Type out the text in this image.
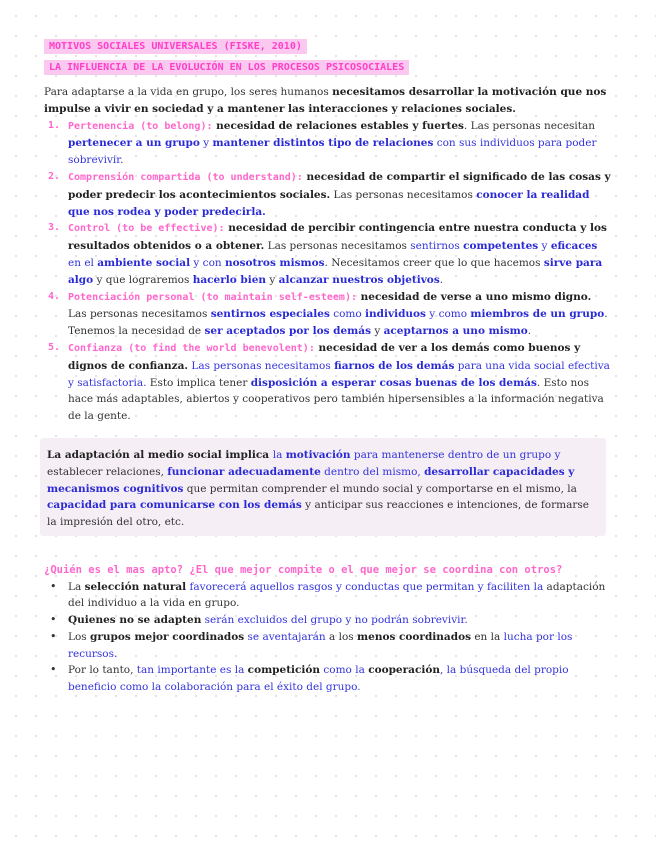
MOTIVOS SOCIALES UNIVERSALES (FISKE, 2010)
LA INFLUENCIA DE LA EVOLUCIÓN EN LOS PROCESOS PSICOSOCIALES

Para adaptarse a la vida en grupo, los seres humanos necesitamos desarrollar la motivación que nos impulse a vivir en sociedad y a mantener las interacciones y relaciones sociales.

1. Pertenencia (to belong): necesidad de relaciones estables y fuertes. Las personas necesitan pertenecer a un grupo y mantener distintos tipo de relaciones con sus individuos para poder sobrevivir.
2. Comprensión compartida (to understand): necesidad de compartir el significado de las cosas y poder predecir los acontecimientos sociales. Las personas necesitamos conocer la realidad que nos rodea y poder predecirla.
3. Control (to be effective): necesidad de percibir contingencia entre nuestra conducta y los resultados obtenidos o a obtener. Las personas necesitamos sentirnos competentes y eficaces en el ambiente social y con nosotros mismos. Necesitamos creer que lo que hacemos sirve para algo y que lograremos hacerlo bien y alcanzar nuestros objetivos.
4. Potenciación personal (to maintain self-esteem): necesidad de verse a uno mismo digno. Las personas necesitamos sentirnos especiales como individuos y como miembros de un grupo. Tenemos la necesidad de ser aceptados por los demás y aceptarnos a uno mismo.
5. Confianza (to find the world benevolent): necesidad de ver a los demás como buenos y dignos de confianza. Las personas necesitamos fiarnos de los demás para una vida social efectiva y satisfactoria. Esto implica tener disposición a esperar cosas buenas de los demás. Esto nos hace más adaptables, abiertos y cooperativos pero también hipersensibles a la información negativa de la gente.

La adaptación al medio social implica la motivación para mantenerse dentro de un grupo y establecer relaciones, funcionar adecuadamente dentro del mismo, desarrollar capacidades y mecanismos cognitivos que permitan comprender el mundo social y comportarse en el mismo, la capacidad para comunicarse con los demás y anticipar sus reacciones e intenciones, de formarse la impresión del otro, etc.

¿Quién es el mas apto? ¿El que mejor compite o el que mejor se coordina con otros?
• La selección natural favorecerá aquellos rasgos y conductas que permitan y faciliten la adaptación del individuo a la vida en grupo.
• Quienes no se adapten serán excluidos del grupo y no podrán sobrevivir.
• Los grupos mejor coordinados se aventajarán a los menos coordinados en la lucha por los recursos.
• Por lo tanto, tan importante es la competición como la cooperación, la búsqueda del propio beneficio como la colaboración para el éxito del grupo.
